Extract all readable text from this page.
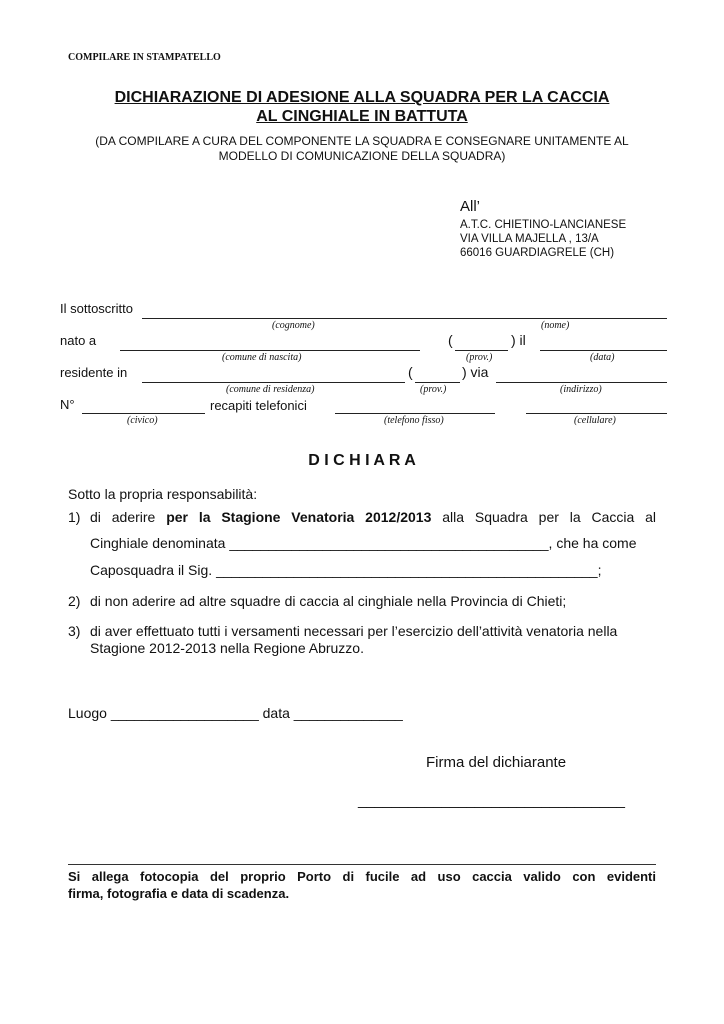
COMPILARE IN STAMPATELLO
DICHIARAZIONE DI ADESIONE ALLA SQUADRA PER LA CACCIA
AL CINGHIALE IN BATTUTA
(DA COMPILARE A CURA DEL COMPONENTE LA SQUADRA E CONSEGNARE UNITAMENTE AL
MODELLO DI COMUNICAZIONE DELLA SQUADRA)
All’
A.T.C. CHIETINO-LANCIANESE
VIA VILLA MAJELLA , 13/A
66016 GUARDIAGRELE (CH)
Il sottoscritto
(cognome)	(nome)
nato a	(	) il
(comune di nascita)	(prov.)	(data)
residente in	(	) via
(comune di residenza)	(prov.)	(indirizzo)
N°	recapiti telefonici
(civico)	(telefono fisso)	(cellulare)
D I C H I A R A
Sotto la propria responsabilità:
1) di aderire per la Stagione Venatoria 2012/2013 alla Squadra per la Caccia al
Cinghiale denominata _________________________________________, che ha come
Caposquadra il Sig. _________________________________________________;
2) di non aderire ad altre squadre di caccia al cinghiale nella Provincia di Chieti;
3) di aver effettuato tutti i versamenti necessari per l’esercizio dell’attività venatoria nella
Stagione 2012-2013 nella Regione Abruzzo.
Luogo ___________________ data ______________
Firma del dichiarante
________________________________
Si allega fotocopia del proprio Porto di fucile ad uso caccia valido con evidenti
firma, fotografia e data di scadenza.
